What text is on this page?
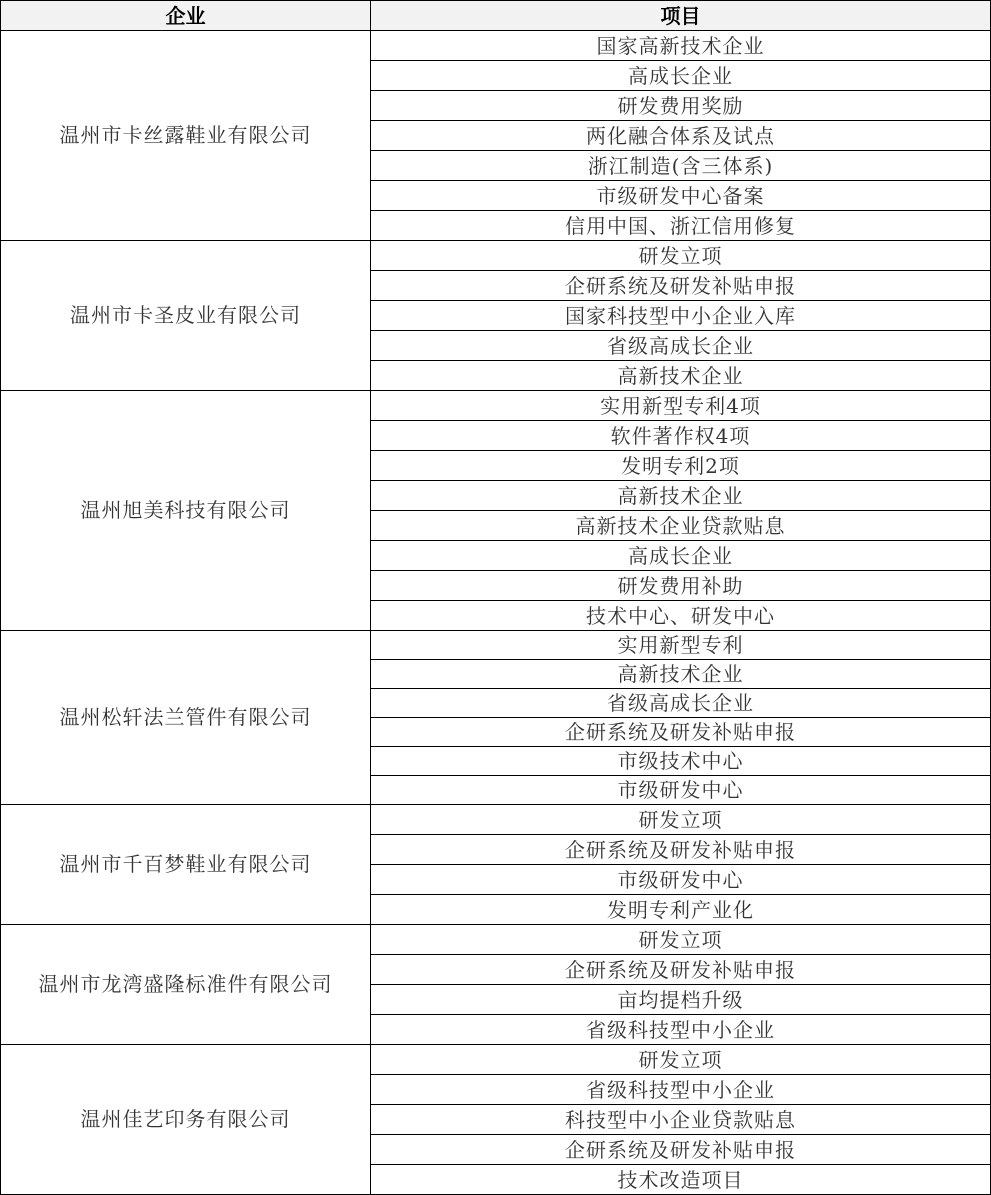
企业	项目
温州市卡丝露鞋业有限公司
国家高新技术企业
高成长企业
研发费用奖励
两化融合体系及试点
浙江制造(含三体系)
市级研发中心备案
信用中国、浙江信用修复
温州市卡圣皮业有限公司
研发立项
企研系统及研发补贴申报
国家科技型中小企业入库
省级高成长企业
高新技术企业
温州旭美科技有限公司
实用新型专利4项
软件著作权4项
发明专利2项
高新技术企业
高新技术企业贷款贴息
高成长企业
研发费用补助
技术中心、研发中心
温州松轩法兰管件有限公司
实用新型专利
高新技术企业
省级高成长企业
企研系统及研发补贴申报
市级技术中心
市级研发中心
温州市千百梦鞋业有限公司
研发立项
企研系统及研发补贴申报
市级研发中心
发明专利产业化
温州市龙湾盛隆标准件有限公司
研发立项
企研系统及研发补贴申报
亩均提档升级
省级科技型中小企业
温州佳艺印务有限公司
研发立项
省级科技型中小企业
科技型中小企业贷款贴息
企研系统及研发补贴申报
技术改造项目
